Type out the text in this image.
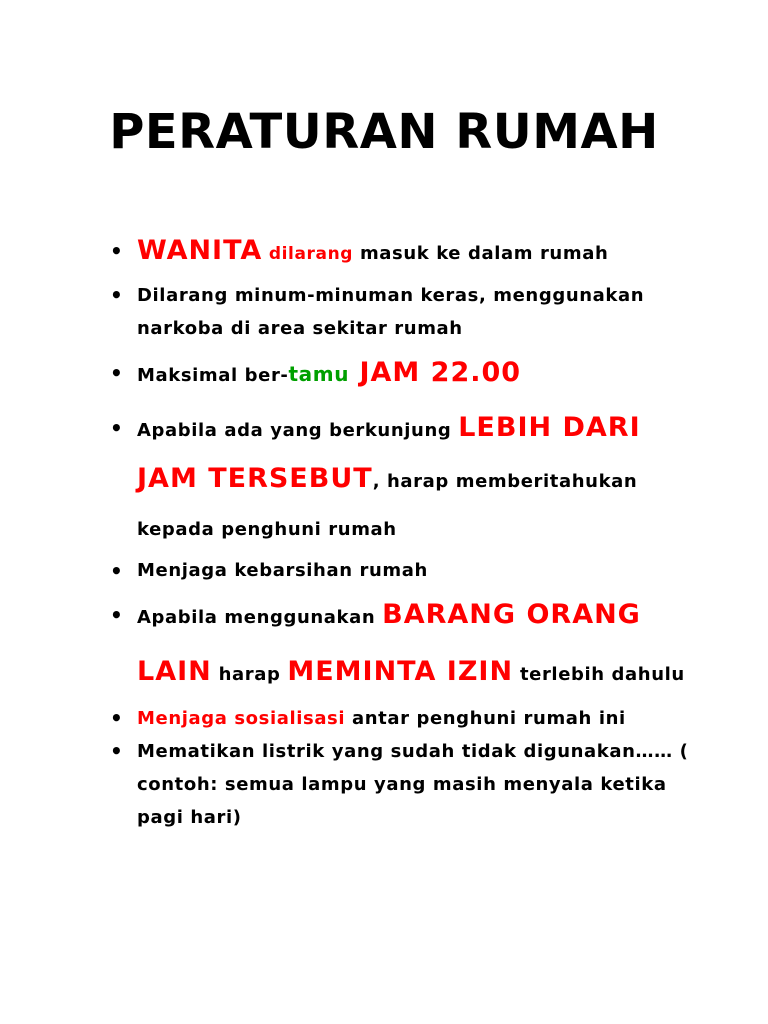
PERATURAN RUMAH
• WANITA dilarang masuk ke dalam rumah
• Dilarang minum-minuman keras, menggunakan narkoba di area sekitar rumah
• Maksimal ber-tamu JAM 22.00
• Apabila ada yang berkunjung LEBIH DARI JAM TERSEBUT, harap memberitahukan kepada penghuni rumah
• Menjaga kebarsihan rumah
• Apabila menggunakan BARANG ORANG LAIN harap MEMINTA IZIN terlebih dahulu
• Menjaga sosialisasi antar penghuni rumah ini
• Mematikan listrik yang sudah tidak digunakan…… ( contoh: semua lampu yang masih menyala ketika pagi hari)
